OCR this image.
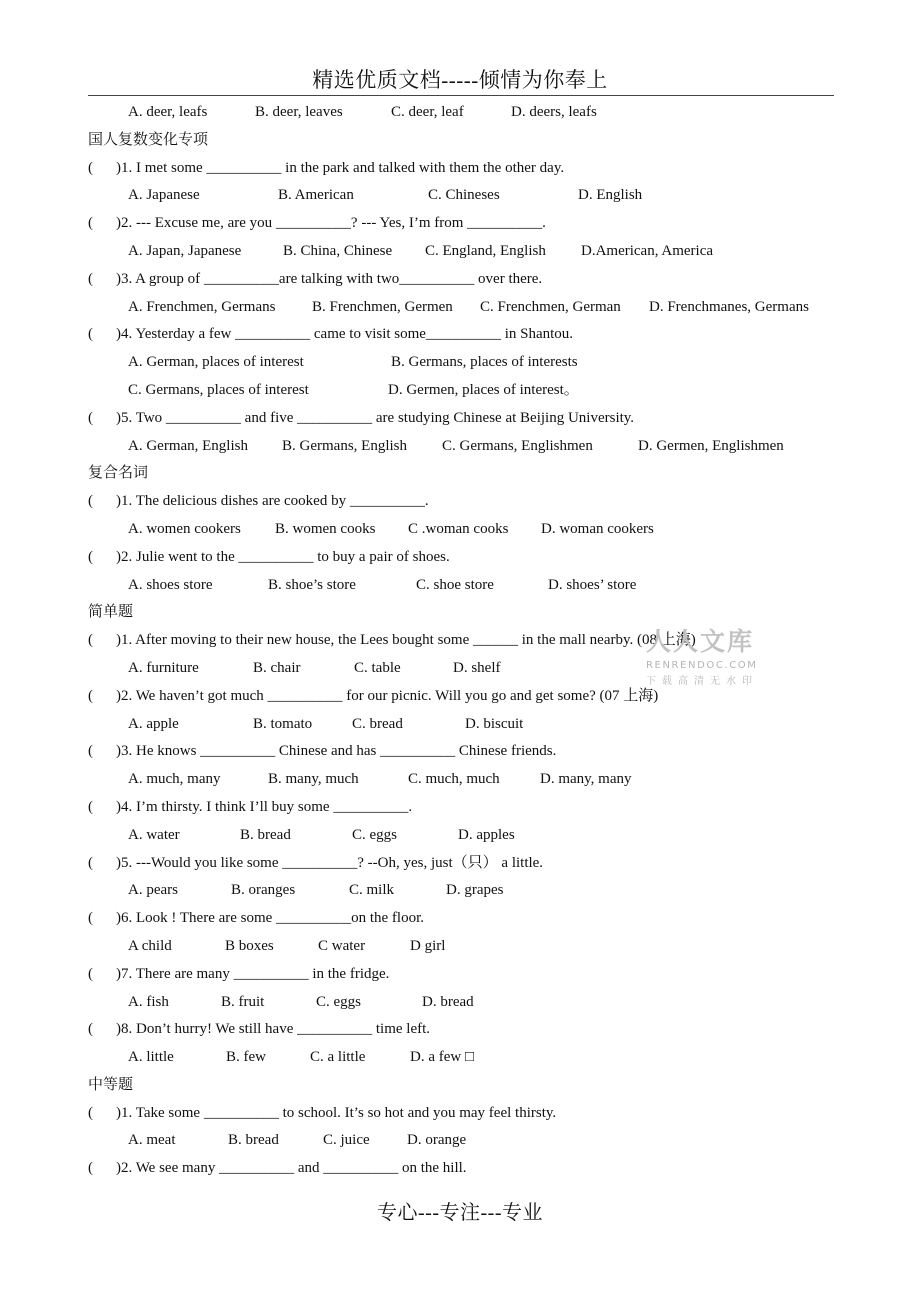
精选优质文档-----倾情为你奉上
A. deer, leafs	B. deer, leaves	C. deer, leaf	D. deers, leafs
国人复数变化专项
( )1. I met some __________ in the park and talked with them the other day.
A. Japanese	B. American	C. Chineses	D. English
( )2. --- Excuse me, are you __________? --- Yes, I’m from __________.
A. Japan, Japanese	B. China, Chinese C. England, English D.American, America
( )3. A group of __________are talking with two__________ over there.
A. Frenchmen, Germans B. Frenchmen, Germen C. Frenchmen, German D. Frenchmanes, Germans
( )4. Yesterday a few __________ came to visit some__________ in Shantou.
A. German, places of interest	B. Germans, places of interests
C. Germans, places of interest	D. Germen, places of interest。
( )5. Two __________ and five __________ are studying Chinese at Beijing University.
A. German, English B. Germans, English C. Germans, Englishmen	D. Germen, Englishmen
复合名词
( )1. The delicious dishes are cooked by __________.
A. women cookers B. women cooks C .woman cooks D. woman cookers
( )2. Julie went to the __________ to buy a pair of shoes.
A. shoes store	B. shoe’s store	C. shoe store	D. shoes’ store
简单题
( )1. After moving to their new house, the Lees bought some ______ in the mall nearby. (08 上海)
A. furniture	B. chair	C. table	D. shelf
( )2. We haven’t got much __________ for our picnic. Will you go and get some? (07 上海)
A. apple	B. tomato	C. bread	D. biscuit
( )3. He knows __________ Chinese and has __________ Chinese friends.
A. much, many	B. many, much	C. much, much	D. many, many
( )4. I’m thirsty. I think I’ll buy some __________.
A. water	B. bread	C. eggs	D. apples
( )5. ---Would you like some __________? --Oh, yes, just（只） a little.
A. pears	B. oranges	C. milk	D. grapes
( )6. Look ! There are some __________on the floor.
A child	B boxes	C water	D girl
( )7. There are many __________ in the fridge.
A. fish	B. fruit	C. eggs	D. bread
( )8. Don’t hurry! We still have __________ time left.
A. little	B. few	C. a little	D. a few □
中等题
( )1. Take some __________ to school. It’s so hot and you may feel thirsty.
A. meat	B. bread	C. juice D. orange
( )2. We see many __________ and __________ on the hill.
人人文库
RENRENDOC.COM
下载高清无水印
专心---专注---专业
